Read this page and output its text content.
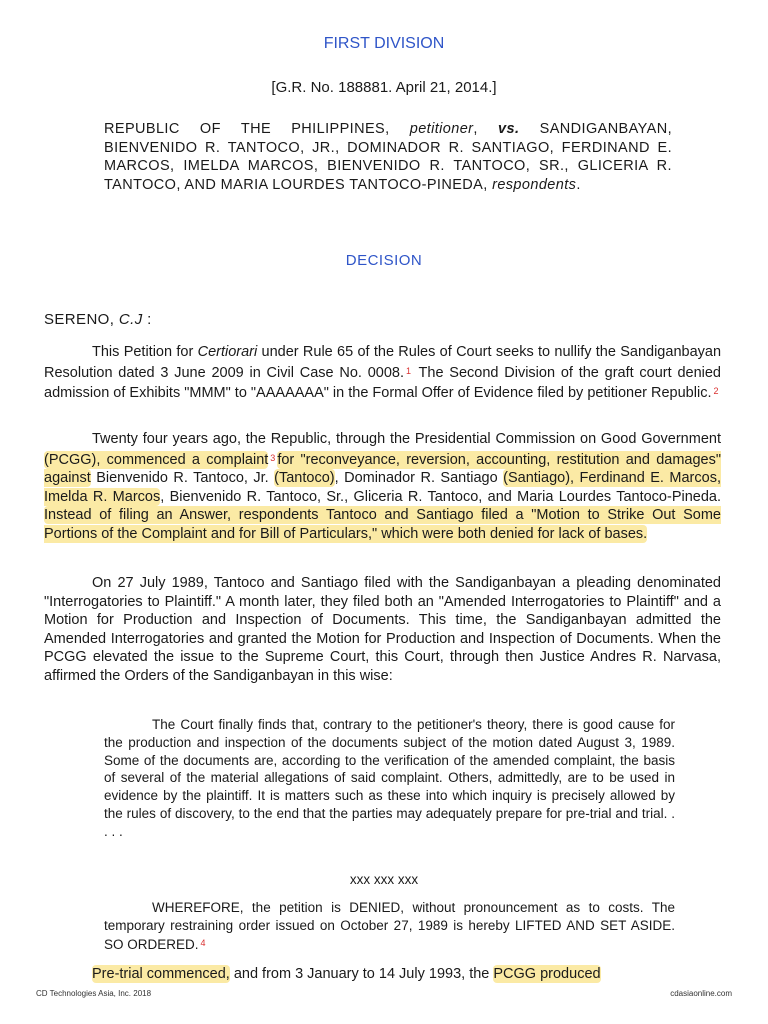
FIRST DIVISION
[G.R. No. 188881. April 21, 2014.]
REPUBLIC OF THE PHILIPPINES, petitioner, vs. SANDIGANBAYAN, BIENVENIDO R. TANTOCO, JR., DOMINADOR R. SANTIAGO, FERDINAND E. MARCOS, IMELDA MARCOS, BIENVENIDO R. TANTOCO, SR., GLICERIA R. TANTOCO, AND MARIA LOURDES TANTOCO-PINEDA, respondents.
DECISION
SERENO, C.J :
This Petition for Certiorari under Rule 65 of the Rules of Court seeks to nullify the Sandiganbayan Resolution dated 3 June 2009 in Civil Case No. 0008. $^1$ The Second Division of the graft court denied admission of Exhibits "MMM" to "AAAAAAA" in the Formal Offer of Evidence filed by petitioner Republic. $^2$
Twenty four years ago, the Republic, through the Presidential Commission on Good Government (PCGG), commenced a complaint $^3$ for "reconveyance, reversion, accounting, restitution and damages" against Bienvenido R. Tantoco, Jr. (Tantoco), Dominador R. Santiago (Santiago), Ferdinand E. Marcos, Imelda R. Marcos, Bienvenido R. Tantoco, Sr., Gliceria R. Tantoco, and Maria Lourdes Tantoco-Pineda. Instead of filing an Answer, respondents Tantoco and Santiago filed a "Motion to Strike Out Some Portions of the Complaint and for Bill of Particulars," which were both denied for lack of bases.
On 27 July 1989, Tantoco and Santiago filed with the Sandiganbayan a pleading denominated "Interrogatories to Plaintiff." A month later, they filed both an "Amended Interrogatories to Plaintiff" and a Motion for Production and Inspection of Documents. This time, the Sandiganbayan admitted the Amended Interrogatories and granted the Motion for Production and Inspection of Documents. When the PCGG elevated the issue to the Supreme Court, this Court, through then Justice Andres R. Narvasa, affirmed the Orders of the Sandiganbayan in this wise:
The Court finally finds that, contrary to the petitioner's theory, there is good cause for the production and inspection of the documents subject of the motion dated August 3, 1989. Some of the documents are, according to the verification of the amended complaint, the basis of several of the material allegations of said complaint. Others, admittedly, are to be used in evidence by the plaintiff. It is matters such as these into which inquiry is precisely allowed by the rules of discovery, to the end that the parties may adequately prepare for pre-trial and trial. . . . .
xxx xxx xxx
WHEREFORE, the petition is DENIED, without pronouncement as to costs. The temporary restraining order issued on October 27, 1989 is hereby LIFTED AND SET ASIDE. SO ORDERED. $^4$
Pre-trial commenced, and from 3 January to 14 July 1993, the PCGG produced
CD Technologies Asia, Inc. 2018	cdasiaonline.com
